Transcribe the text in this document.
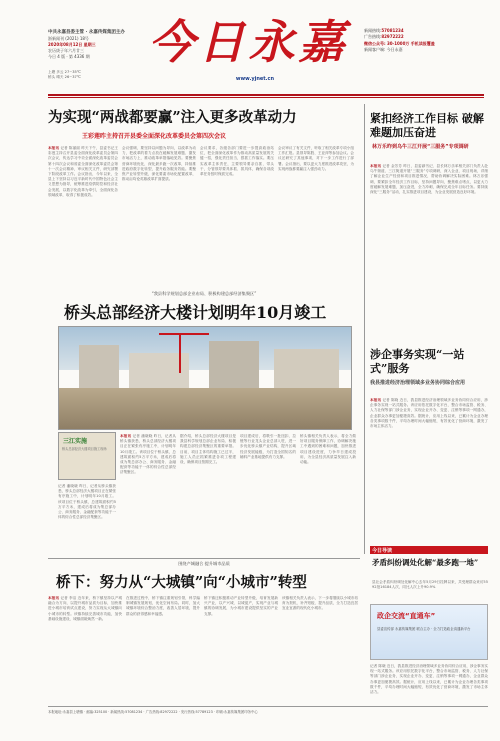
中共永嘉县委主管 · 永嘉传媒集团主办
浙新闻刊 (2021) 18号
2020年08月12日 星期三
农历庚子年六月廿三
今日 4 版 · 第 4336 期
上塘 多云 27~35℃
桥头 晴天 26~37℃
今日永嘉
www.yjnet.cn
新闻热线:57081234
广告热线:82972222
微信公众号: 30-1000万 手机读报覆盖
新闻客户端: 今日永嘉
为实现“两战都要赢”注入更多改革动力
王彩莲昨主持召开县委全面深化改革委员会第四次会议
本报讯 记者 陈丽丽 昨天下午，县委书记王彩莲主持召开县委全面深化改革委员会第四次会议，传达学习中央全面深化改革委员会第十四次会议和省委全面深化改革委员会第十一次会议精神，审议相关文件，研究部署下阶段改革工作。会议指出，今年以来，全县上下坚持以习近平新时代中国特色社会主义思想为指导，统筹推进疫情防控和经济社会发展，以数字化改革为牵引，全面深化各领域改革，取得了积极成效。
会议强调，要坚持以问题为导向，以改革为动力，把改革的着力点放在破解发展难题、激发市场活力上，推动改革举措落地见效。要聚焦营商环境优化，深化最多跑一次改革，持续推进政府数字化转型，提升政务服务效能。要聚焦产业转型升级，深化要素市场化配置改革，推动亩均论英雄改革扩面提质。
会议要求，各级各部门要进一步提高政治站位，把全面深化改革作为推动高质量发展的关键一招，强化责任担当，狠抓工作落实。要压实改革主体责任，主要领导要亲自抓、带头干，分管领导要具体抓、抓具体，确保各项改革任务按时保质完成。
会议审议了有关文件，听取了相关改革专项小组工作汇报。县领导陈胜、王亚萍等参加会议。会议还研究了其他事项，对下一步工作进行了部署。会议指出，要以更大力度推进改革攻坚，为实现两战都要赢注入强劲动力。
紧扣经济工作目标 破解难题加压奋进
林万乐昨到乌牛三江开展“三服务”专项调研
本报讯 记者 金芳芳 昨日，县委副书记、县长林万乐率相关部门负责人赴乌牛街道、三江街道开展“三服务”专项调研，深入企业、项目现场，详细了解企业生产经营和项目推进情况，帮助协调解决实际困难。林万乐强调，要紧扣全年经济工作目标，坚持问题导向，聚焦难点堵点，以更大力度破解发展难题，加压奋进，全力冲刺，确保完成全年目标任务。要持续深化“三服务”活动，扎实推进项目建设，为企业发展营造良好环境。
“我县科学规划总部企业布局、积极构建总部经济集聚区”
桥头总部经济大楼计划明年10月竣工
三江实施
桥头总部经济大楼项目施工现场
本报讯 记者 潘晓晓 昨日，记者从桥头镇获悉，桥头总部经济大楼项目正在紧张有序施工中，计划明年10月竣工。该项目位于桥头镇，总建筑面积约5万平方米，建成后将成为集总部办公、商务服务、金融配套等功能于一体的综合性总部经济集聚区。
据介绍，桥头总部经济大楼项目是我县科学规划总部企业布局、积极构建总部经济集聚区的重要举措。目前，项目主体结构施工已过半，施工人员正抓紧推进各项工程建设，确保项目按期完工。
项目建成后，将吸引一批纽扣、拉链等行业龙头企业总部入驻，进一步优化桥头镇产业结构，提升区域经济发展能级，为打造全国知名的辅料产业基地提供有力支撑。
桥头镇相关负责人表示，将全力做好项目服务保障工作，协调解决施工中遇到的困难和问题，加快推进项目建设进度，力争早日建成投用，为全县经济高质量发展注入新动能。
记者 潘晓晓 昨日，记者从桥头镇获悉，桥头总部经济大楼项目正在紧张有序施工中，计划明年10月竣工。该项目位于桥头镇，总建筑面积约5万平方米，建成后将成为集总部办公、商务服务、金融配套等功能于一体的综合性总部经济集聚区。
涉企事务实现“一站式”服务
我县推进经济治理领域多业务协同综合应用
本报讯 记者 陈晓 近日，我县推进经济治理领域多业务协同综合应用，涉企事务实现一站式服务。该应用依托数字化平台，整合市场监管、税务、人力社保等部门涉企业务，实现企业开办、变更、注销等事项一网通办，企业群众办事更加便捷高效。据统计，应用上线以来，已累计为企业办理各类事项数千件，平均办理时间大幅缩短，有效优化了营商环境，激发了市场主体活力。
今日导读
矛盾纠纷调处化解“最多跑一地”
县社会矛盾纠纷调处化解中心去年5月29日挂牌以来，共受理群众来访5592批16184人次，同比人次上升90.9%
政企交流“直通车”
县委宣传部 永嘉传媒集团 联合主办 · 全力打造政企沟通新平台
围绕产城融合 提升城市品质
桥下：努力从“大城镇”向“小城市”转型
本报讯 记者 李洁 近年来，桥下镇坚持以产城融合为方向，以提升城市品质为目标，加快推进小城市培育试点建设，努力实现从大城镇向小城市的转型。该镇持续完善城市功能，加快基础设施建设，城镇面貌焕然一新。
在推进过程中，桥下镇注重规划引领，科学编制城镇发展规划，优化空间布局。同时，加大城镇环境综合整治力度，改善人居环境，提升群众的获得感和幸福感。
桥下镇还积极推动产业转型升级，培育发展新兴产业，以产兴城、以城促产，实现产业与城镇的协调发展，为小城市建设提供坚实的产业支撑。
该镇相关负责人表示，下一步将继续以小城市培育为契机，补齐短板、提升品质，全力打造宜居宜业宜游的现代化小城市。
记者 陈晓 近日，我县推进经济治理领域多业务协同综合应用，涉企事务实现一站式服务。该应用依托数字化平台，整合市场监管、税务、人力社保等部门涉企业务，实现企业开办、变更、注销等事项一网通办，企业群众办事更加便捷高效。据统计，应用上线以来，已累计为企业办理各类事项数千件，平均办理时间大幅缩短，有效优化了营商环境，激发了市场主体活力。
本报地址:永嘉县上塘镇 · 邮编:325100 · 新闻热线:57081234 · 广告热线:82972222 · 发行热线:57789123 · 印刷:永嘉传媒集团印务中心
